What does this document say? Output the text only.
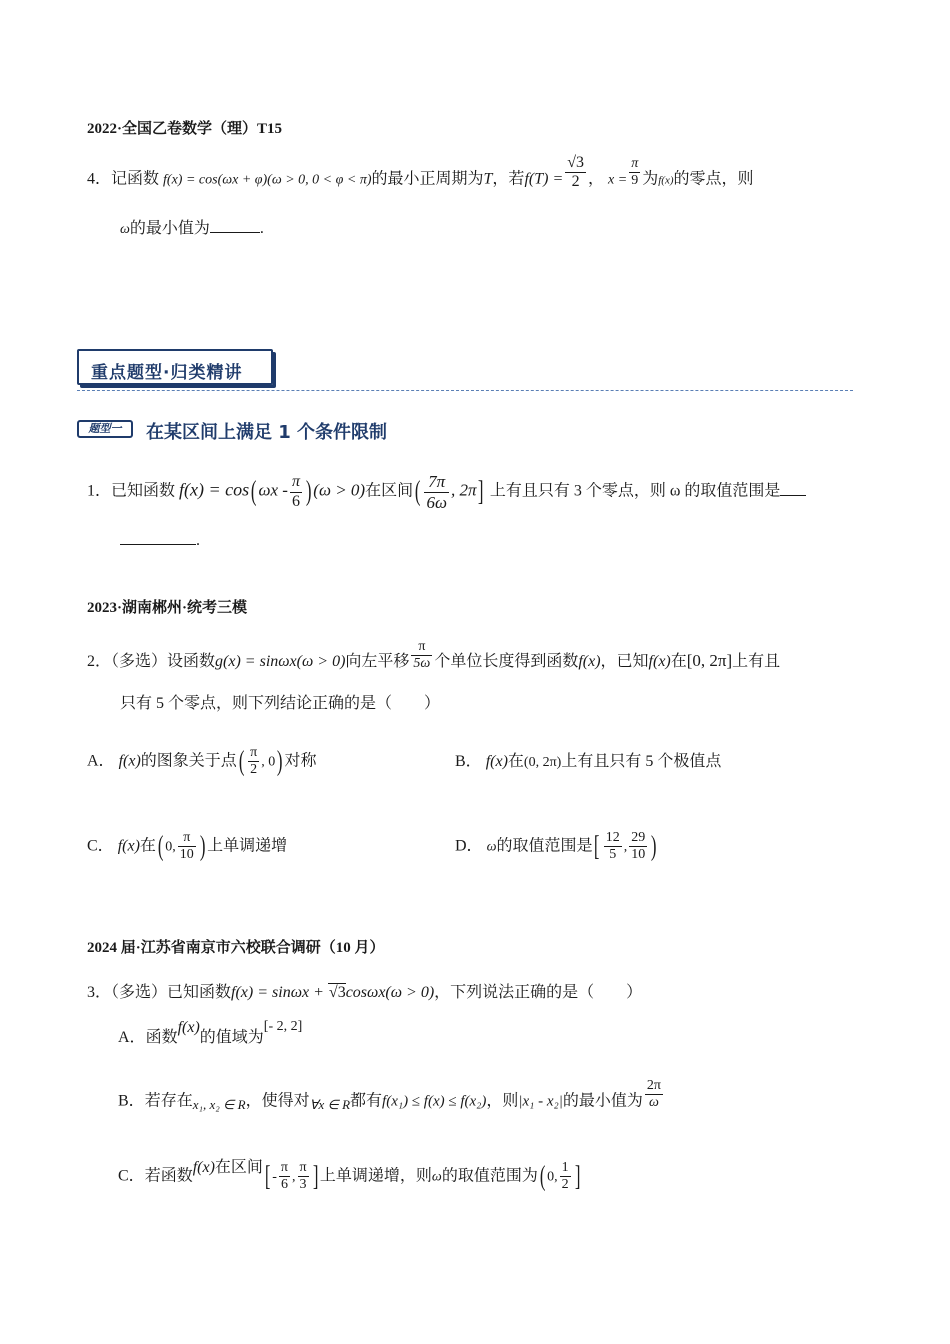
2022·全国乙卷数学（理）T15
4．记函数 f(x) = cos(ωx + φ)(ω > 0, 0 < φ < π)的最小正周期为T，若$f(T) = \frac{√3}{2}$ ， $x = \frac{\pi}{9}$ 为f(x)的零点，则
ω的最小值为	.
重点题型·归类精讲
题型一	在某区间上满足 1 个条件限制
1．已知函数 f(x) = cos( ωx - $\frac{\pi}{6}$ ) (ω > 0)在区间( $\frac{7\pi}{6\omega}$ , 2π] 上有且只有 3 个零点，则 ω 的取值范围是
.
2023·湖南郴州·统考三模
2．（多选）设函数g(x) = sinωx(ω > 0)向左平移 $\frac{\pi}{5\omega}$ 个单位长度得到函数f(x)，已知f(x)在[0, 2π]上有且
只有 5 个零点，则下列结论正确的是（　　）
A． f(x)的图象关于点( $\frac{\pi}{2}$ , 0) 对称	B． f(x)在(0, 2π)上有且只有 5 个极值点
C． f(x)在( 0, $\frac{\pi}{10}$ ) 上单调递增	D． ω的取值范围是[ $\frac{12}{5}$ , $\frac{29}{10}$ )
2024 届·江苏省南京市六校联合调研（10 月）
3．（多选）已知函数f(x) = sinωx + √3cosωx(ω > 0)，下列说法正确的是（　　）
A．函数f(x)的值域为[- 2, 2]
B．若存在$_{x_1, x_2 \in R}$，使得对$_{\forall x \in R}$都有f(x₁) ≤ f(x) ≤ f(x₂)，则|x₁ - x₂|的最小值为 $\frac{2\pi}{\omega}$
C．若函数f(x)在区间[ - $\frac{\pi}{6}$ , $\frac{\pi}{3}$ ] 上单调递增，则ω的取值范围为( 0, $\frac{1}{2}$ ]
